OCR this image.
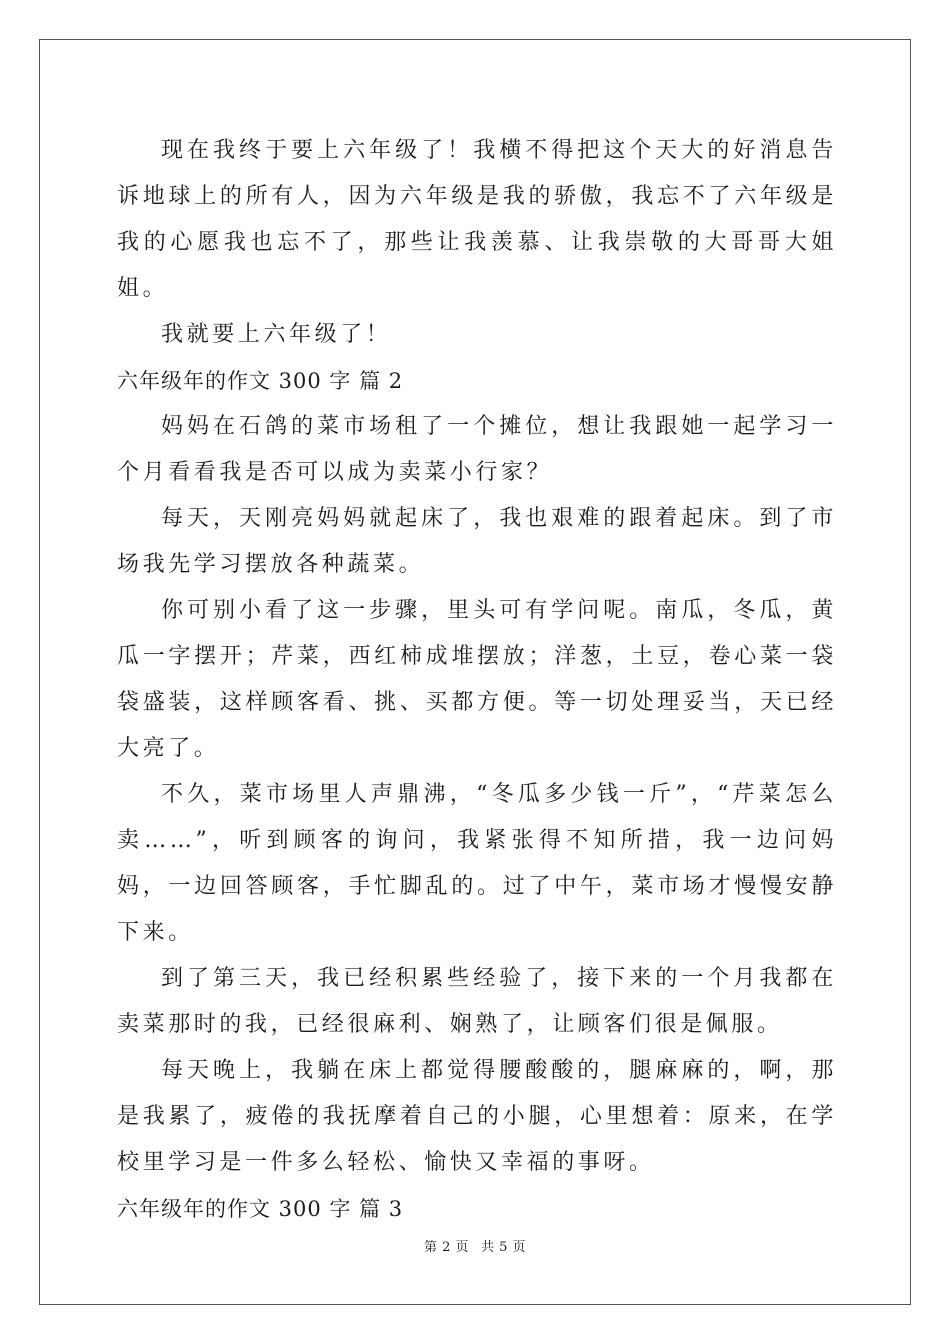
现在我终于要上六年级了！我横不得把这个天大的好消息告诉地球上的所有人，因为六年级是我的骄傲，我忘不了六年级是我的心愿我也忘不了，那些让我羡慕、让我崇敬的大哥哥大姐姐。

我就要上六年级了！

六年级年的作文 300 字 篇 2

妈妈在石鸽的菜市场租了一个摊位，想让我跟她一起学习一个月看看我是否可以成为卖菜小行家？

每天，天刚亮妈妈就起床了，我也艰难的跟着起床。到了市场我先学习摆放各种蔬菜。

你可别小看了这一步骤，里头可有学问呢。南瓜，冬瓜，黄瓜一字摆开；芹菜，西红柿成堆摆放；洋葱，土豆，卷心菜一袋袋盛装，这样顾客看、挑、买都方便。等一切处理妥当，天已经大亮了。

不久，菜市场里人声鼎沸，“冬瓜多少钱一斤”，“芹菜怎么卖……”，听到顾客的询问，我紧张得不知所措，我一边问妈妈，一边回答顾客，手忙脚乱的。过了中午，菜市场才慢慢安静下来。

到了第三天，我已经积累些经验了，接下来的一个月我都在卖菜那时的我，已经很麻利、娴熟了，让顾客们很是佩服。

每天晚上，我躺在床上都觉得腰酸酸的，腿麻麻的，啊，那是我累了，疲倦的我抚摩着自己的小腿，心里想着：原来，在学校里学习是一件多么轻松、愉快又幸福的事呀。

六年级年的作文 300 字 篇 3

第 2 页 共 5 页
